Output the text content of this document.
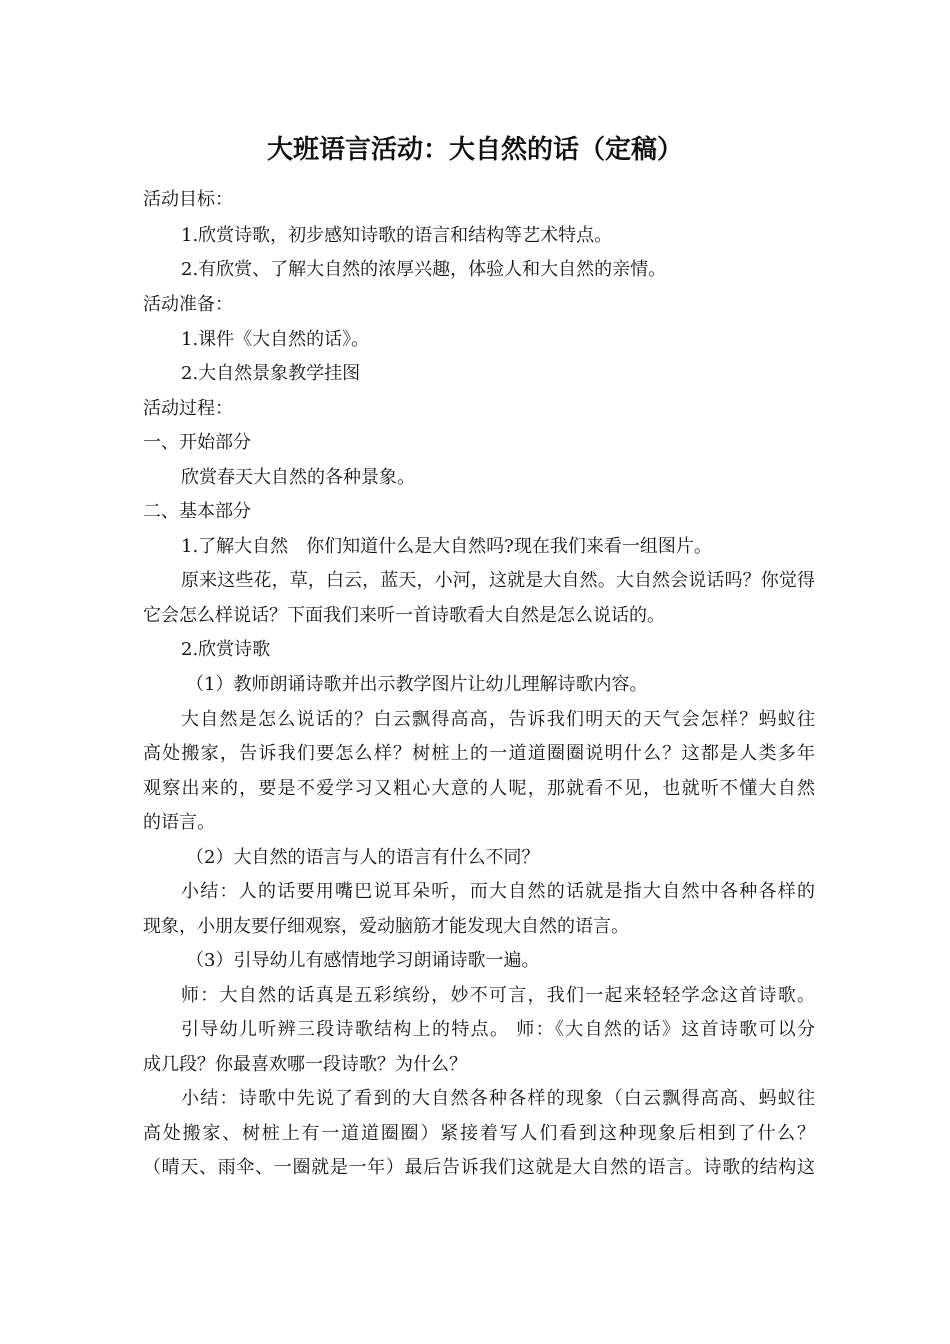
大班语言活动：大自然的话（定稿）
活动目标：
1.欣赏诗歌，初步感知诗歌的语言和结构等艺术特点。
2.有欣赏、了解大自然的浓厚兴趣，体验人和大自然的亲情。
活动准备：
1.课件《大自然的话》。
2.大自然景象教学挂图
活动过程：
一、开始部分
欣赏春天大自然的各种景象。
二、基本部分
1.了解大自然　你们知道什么是大自然吗?现在我们来看一组图片。
原来这些花，草，白云，蓝天，小河，这就是大自然。大自然会说话吗？你觉得
它会怎么样说话？下面我们来听一首诗歌看大自然是怎么说话的。
2.欣赏诗歌
（1）教师朗诵诗歌并出示教学图片让幼儿理解诗歌内容。
大自然是怎么说话的？白云飘得高高，告诉我们明天的天气会怎样？蚂蚁往
高处搬家，告诉我们要怎么样？树桩上的一道道圈圈说明什么？这都是人类多年
观察出来的，要是不爱学习又粗心大意的人呢，那就看不见，也就听不懂大自然
的语言。
（2）大自然的语言与人的语言有什么不同？
小结：人的话要用嘴巴说耳朵听，而大自然的话就是指大自然中各种各样的
现象，小朋友要仔细观察，爱动脑筋才能发现大自然的语言。
（3）引导幼儿有感情地学习朗诵诗歌一遍。
师：大自然的话真是五彩缤纷，妙不可言，我们一起来轻轻学念这首诗歌。
引导幼儿听辨三段诗歌结构上的特点。 师：《大自然的话》这首诗歌可以分
成几段？你最喜欢哪一段诗歌？为什么？
小结：诗歌中先说了看到的大自然各种各样的现象（白云飘得高高、蚂蚁往
高处搬家、树桩上有一道道圈圈）紧接着写人们看到这种现象后相到了什么？
（晴天、雨伞、一圈就是一年）最后告诉我们这就是大自然的语言。诗歌的结构这
